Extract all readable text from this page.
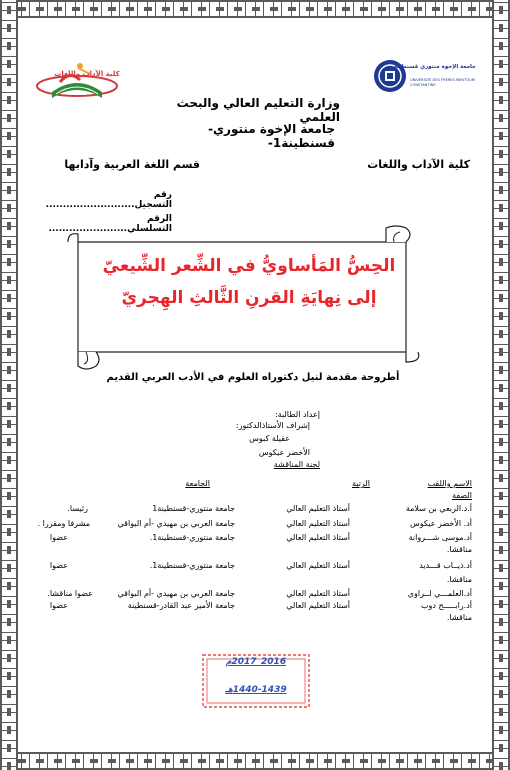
كلية الآداب واللغات
جامعة الإخوة منتوري قسنطينة
UNIVERSITÉ DES FRÈRES MENTOURI CONSTANTINE
وزارة التعليم العالي والبحث العلمي
جامعة الإخوة منتوري- قسنطينة1-
كلية الآداب واللغات
قسم اللغة العربية وآدابها
رقم التسجيل..........................
الرقم التسلسلي.......................
الحِسُّ المَأساويُّ في الشِّعر الشِّيعيّ
إلى نِهايَةِ القرنِ الثَّالثِ الهِجريّ
أطروحة مقدمة لنيل دكتوراه العلوم في الأدب العربي القديم
إعداد الطالبة:
إشراف الأستاذالدكتور:
عقيلة كبوس
الأخضر عيكوس
لجنة المناقشة
الاسم واللقب
الرتبة
الجامعة
الصفة
أ.د.الربعي بن سلامة
أستاذ التعليم العالي
جامعة منتوري-قسنطينة1
رئيسا.
أد. الأخضر عيكوس
أستاذ التعليم العالي
جامعة العربي بن مهيدي -أم البواقي
مشرفا ومقررا .
أد.موسى شـــروانة
أستاذ التعليم العالي
جامعة منتوري-قسنطينة1.
عضوا
مناقشا.
أد.ذيــاب قـــديد
أستاذ التعليم العالي
جامعة منتوري-قسنطينة1.
عضوا
مناقشا.
أد.العلمـــي لــراوي
أستاذ التعليم العالي
جامعة العربي بن مهيدي -أم البواقي
عضوا مناقشا.
أد.رابـــــح دوب
أستاذ التعليم العالي
جامعة الأمير عبد القادر-قسنطينة
عضوا
مناقشا.
2016_2017م
1440-1439هـ
